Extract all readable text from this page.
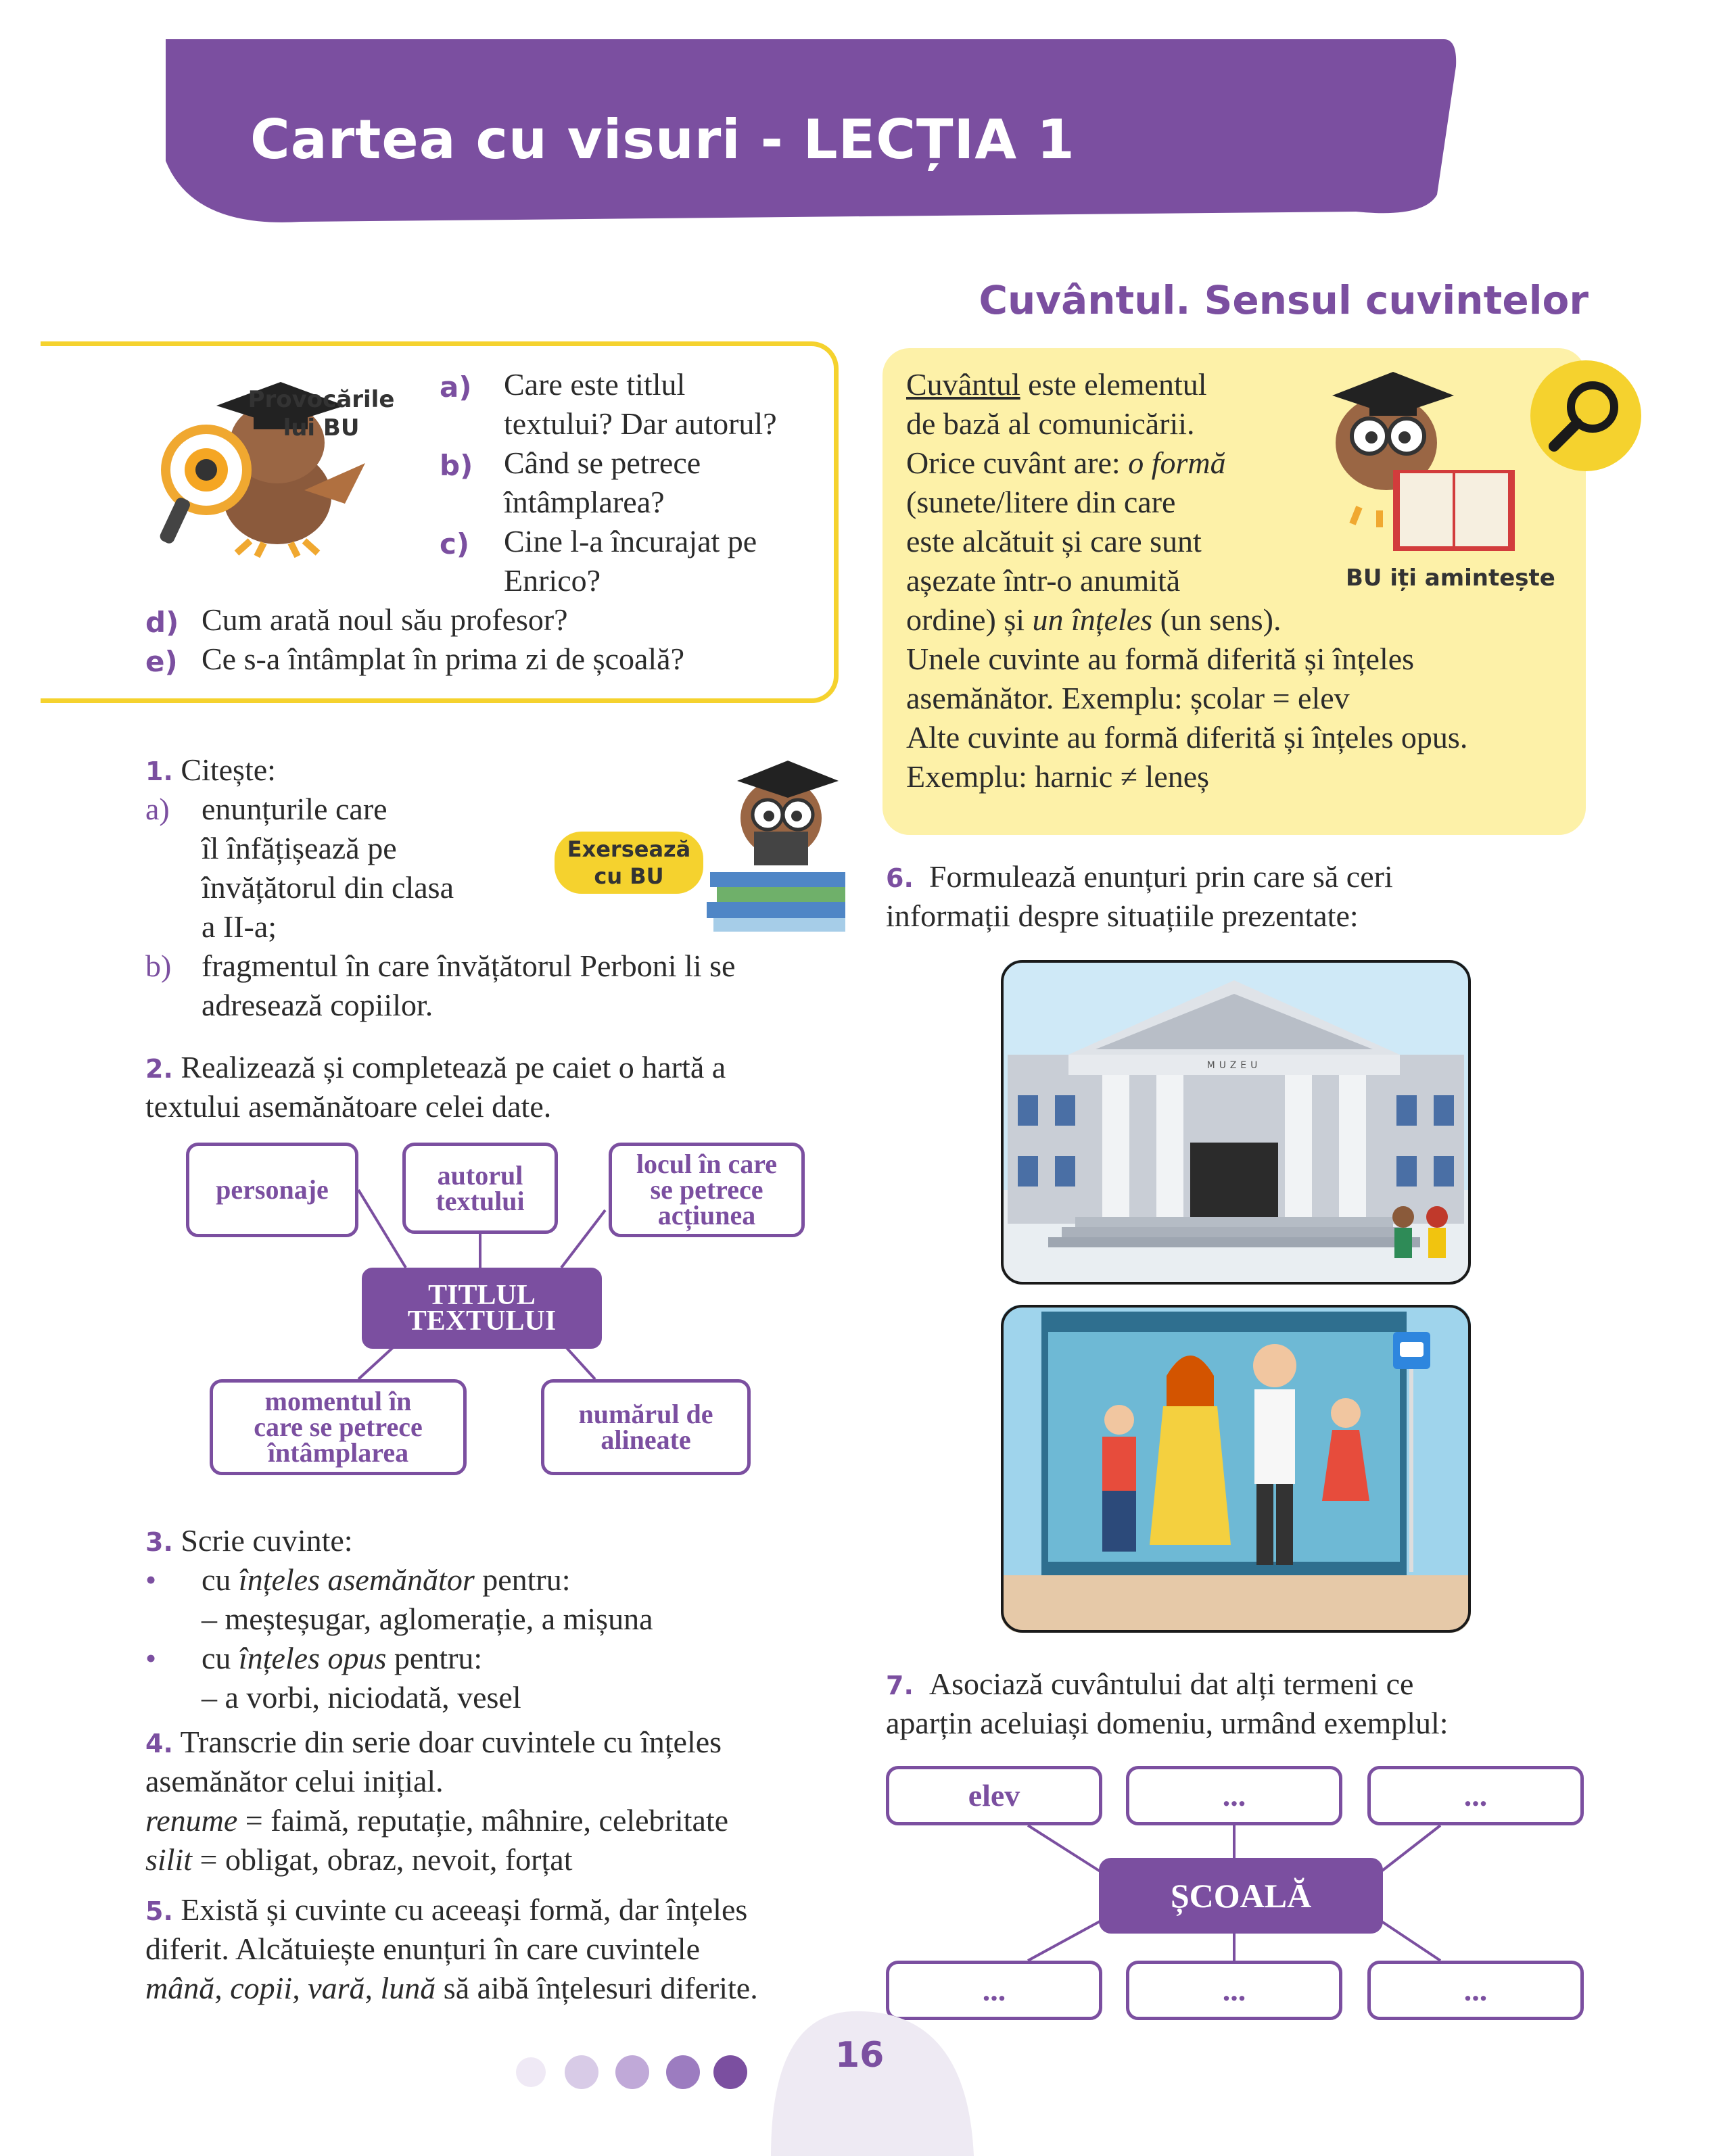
Cartea cu visuri - LECȚIA 1
Cuvântul. Sensul cuvintelor
Provocările lui BU
a) Care este titlul
textului? Dar autorul?
b) Când se petrece
întâmplarea?
c) Cine l-a încurajat pe
Enrico?
d) Cum arată noul său profesor?
e) Ce s-a întâmplat în prima zi de școală?
Cuvântul este elementul
de bază al comunicării.
Orice cuvânt are: o formă
(sunete/litere din care
este alcătuit și care sunt
așezate într-o anumită
ordine) și un înțeles (un sens).
Unele cuvinte au formă diferită și înțeles
asemănător. Exemplu: școlar = elev
Alte cuvinte au formă diferită și înțeles opus.
Exemplu: harnic ≠ leneș
BU iți amintește
1. Citește:
a) enunțurile care
îl înfățișează pe
învățătorul din clasa
a II-a;
b) fragmentul în care învățătorul Perboni li se
adresează copiilor.
Exersează cu BU
2. Realizează și completează pe caiet o hartă a
textului asemănătoare celei date.
personaje	autorul
textului
locul în care
se petrece
acțiunea
TITLUL
TEXTULUI
momentul în
care se petrece
întâmplarea
numărul de
alineate
3. Scrie cuvinte:
• cu înțeles asemănător pentru:
– meșteșugar, aglomerație, a mișuna
• cu înțeles opus pentru:
– a vorbi, niciodată, vesel
4. Transcrie din serie doar cuvintele cu înțeles
asemănător celui inițial.
renume = faimă, reputație, mâhnire, celebritate
silit = obligat, obraz, nevoit, forțat
5. Există și cuvinte cu aceeași formă, dar înțeles
diferit. Alcătuiește enunțuri în care cuvintele
mână, copii, vară, lună să aibă înțelesuri diferite.
6. Formulează enunțuri prin care să ceri
informații despre situațiile prezentate:
MUZEU
7. Asociază cuvântului dat alți termeni ce
aparțin aceluiași domeniu, urmând exemplul:
elev	...	...
ȘCOALĂ
...	...	...
16
